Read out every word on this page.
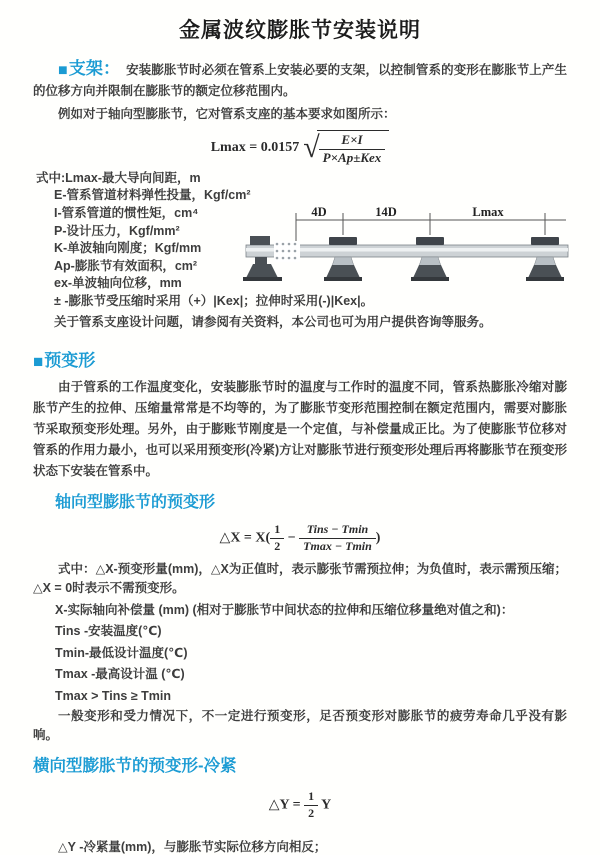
金属波纹膨胀节安装说明

■支架： 安装膨胀节时必须在管系上安装必要的支架，以控制管系的变形在膨胀节上产生的位移方向并限制在膨胀节的额定位移范围内。

例如对于轴向型膨胀节，它对管系支座的基本要求如图所示：

Lmax = 0.0157 √ $\frac{E\times I}{\text{P×Ap±Kex}}$
式中:Lmax-最大导向间距，m
E-管系管道材料弹性投量，Kgf/cm²
I-管系管道的惯性矩，cm⁴
P-设计压力，Kgf/mm²
K-单波轴向刚度；Kgf/mm
Ap-膨胀节有效面积，cm²
ex-单波轴向位移，mm
± -膨胀节受压缩时采用（+）|Kex|；拉伸时采用(-)|Kex|。
关于管系支座设计问题，请参阅有关资料，本公司也可为用户提供咨询等服务。
4D	14D	Lmax
■预变形

由于管系的工作温度变化，安装膨胀节时的温度与工作时的温度不同，管系热膨胀冷缩对膨胀节产生的拉伸、压缩量常常是不均等的，为了膨胀节变形范围控制在额定范围内，需要对膨胀节采取预变形处理。另外，由于膨账节刚度是一个定值，与补偿量成正比。为了使膨胀节位移对管系的作用力最小，也可以采用预变形(冷紧)方让对膨胀节进行预变形处理后再将膨胀节在预变形状态下安装在管系中。

轴向型膨胀节的预变形
△X = $X( \frac{1}{2} - \frac{\text{Tins − Tmin}}{Tmax - Tmin}$ )

式中：△X-预变形量(mm)，△X为正值时，表示膨张节需预拉伸；为负值时，表示需预压缩；△X = 0时表示不需预变形。

X-实际轴向补偿量 (mm) (相对于膨胀节中间状态的拉伸和压缩位移量绝对值之和)：
Tins -安装温度(℃)
Tmin-最低设计温度(℃)
Tmax -最高设计温 (℃)
Tmax > Tins ≥ Tmin

一般变形和受力情况下，不一定进行预变形，足否预变形对膨胀节的疲劳寿命几乎没有影响。

横向型膨胀节的预变形-冷紧
△Y = $\frac{1}{2}$ Y

△Y -冷紧量(mm)，与膨胀节实际位移方向相反；
